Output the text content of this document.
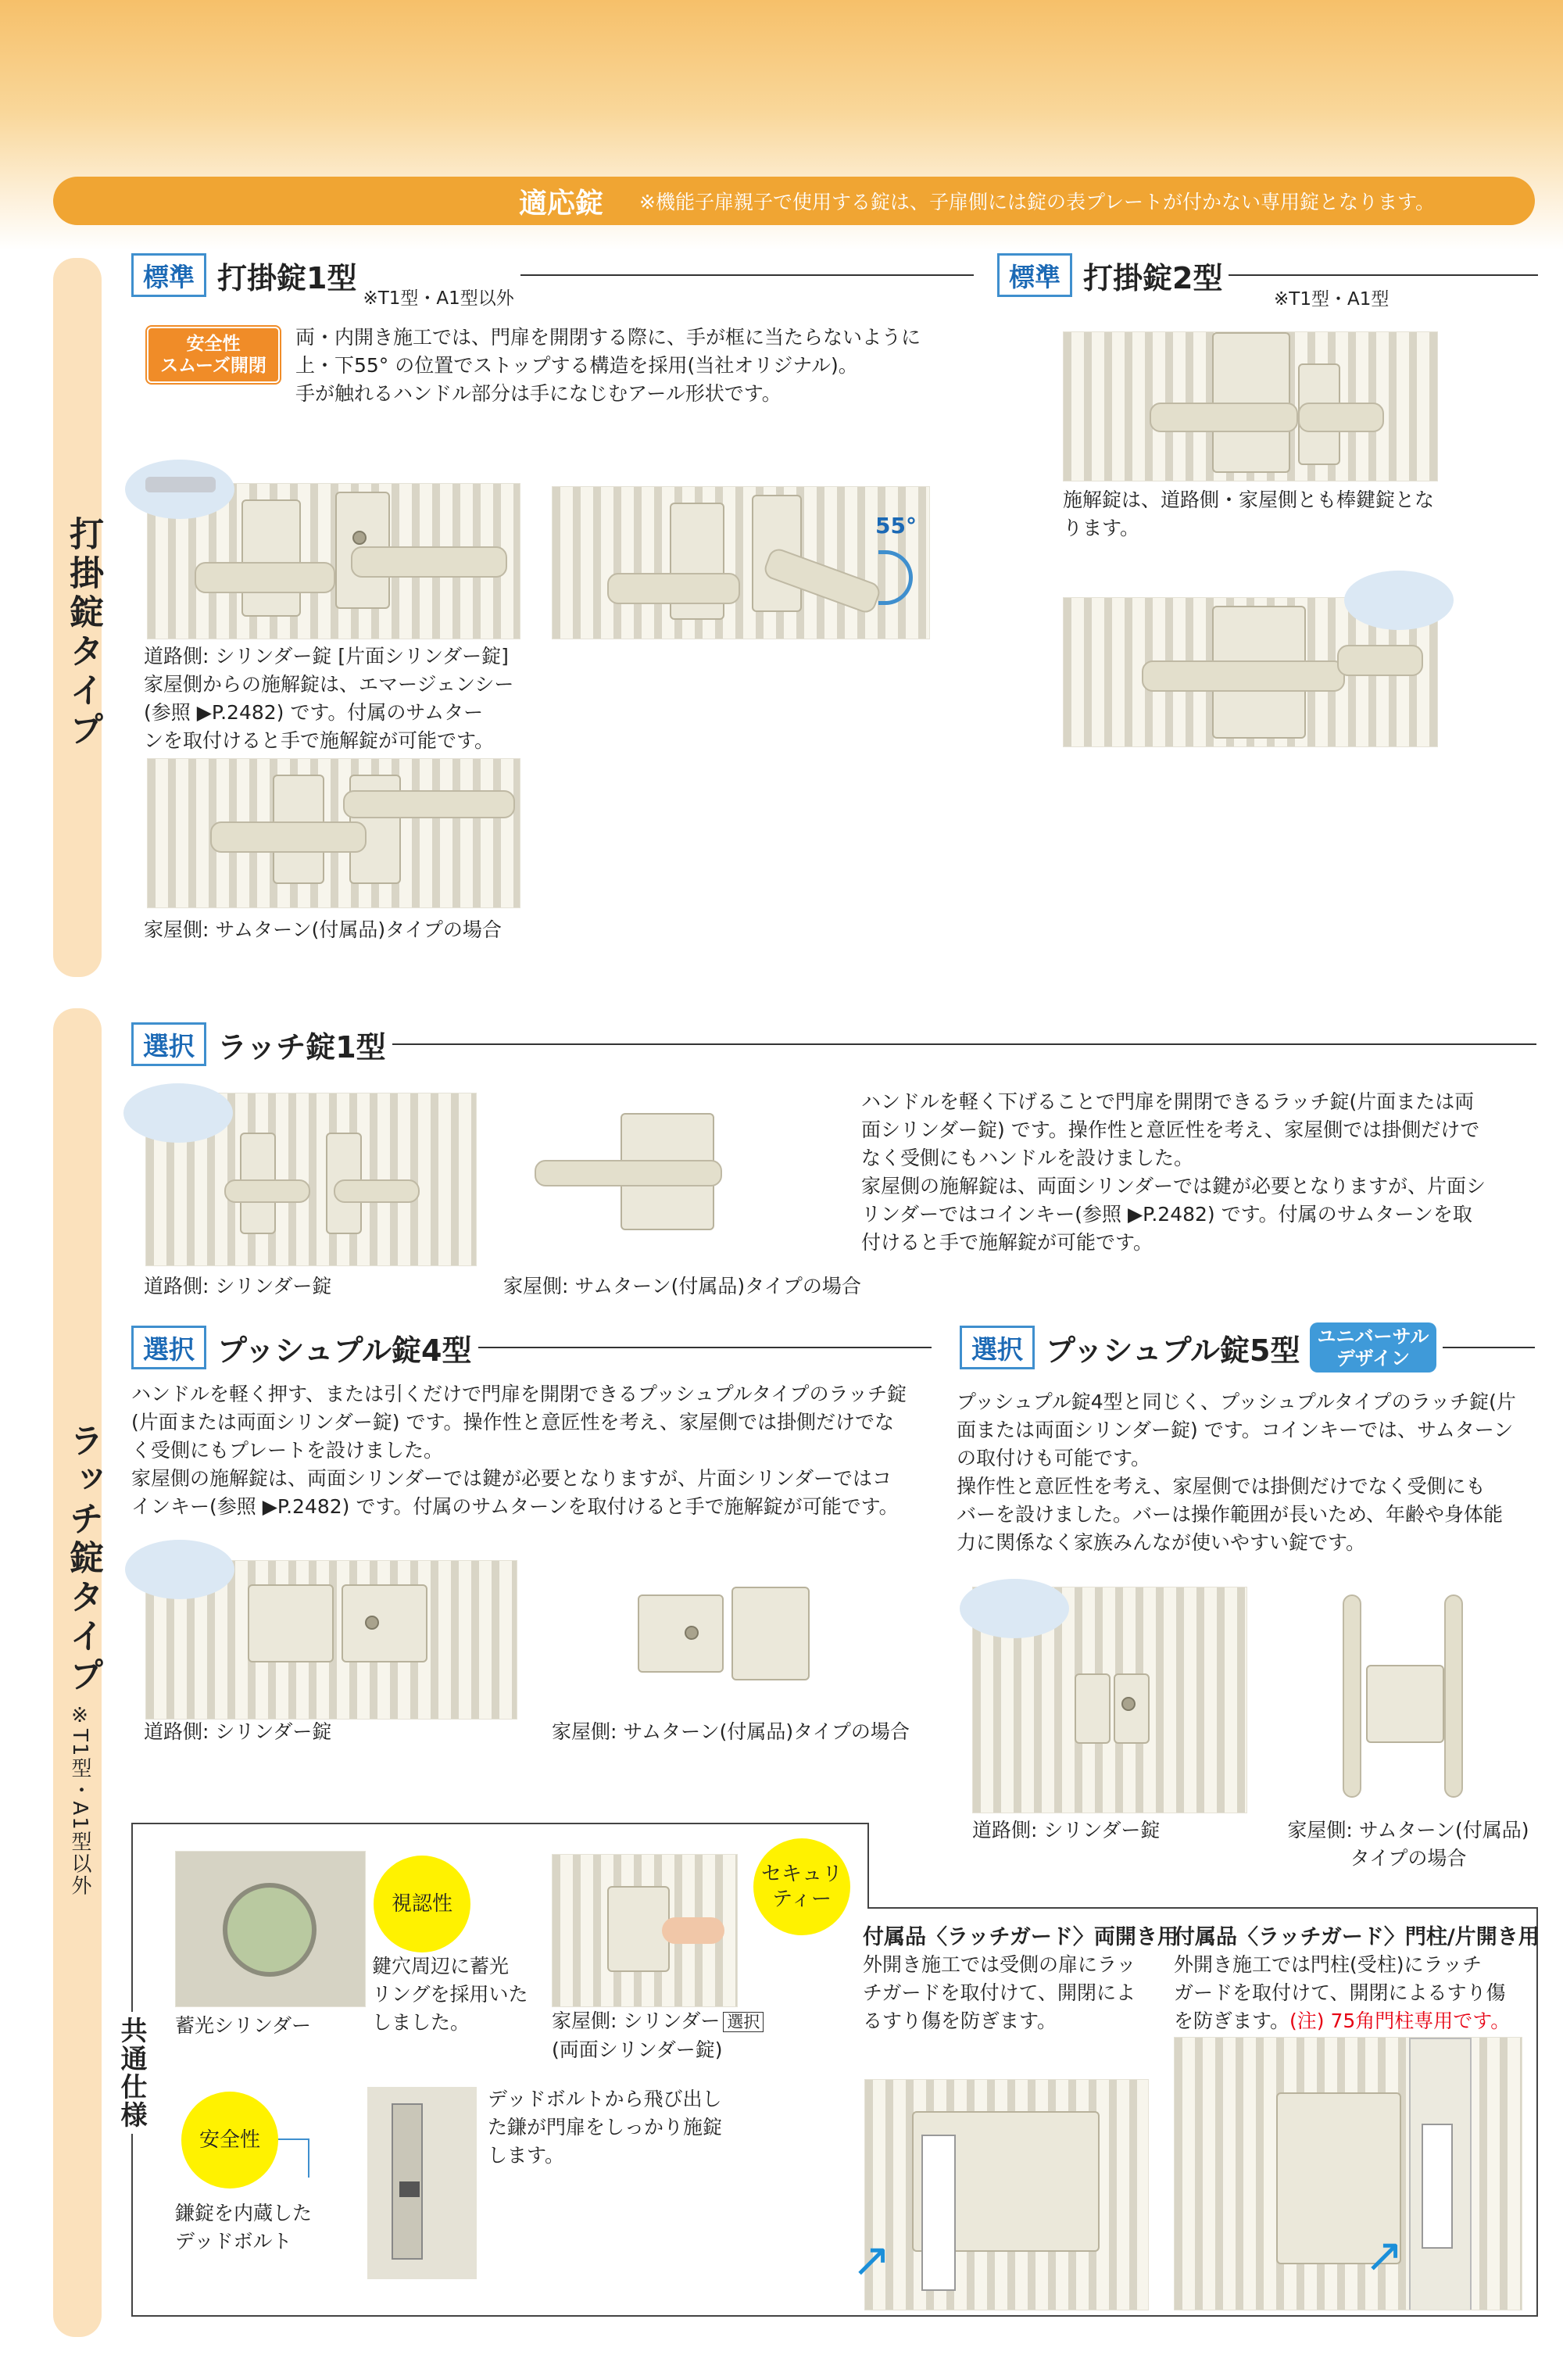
適応錠 ※機能子扉親子で使用する錠は、子扉側には錠の表プレートが付かない専用錠となります。
打掛錠タイプ
ラッチ錠タイプ
※T1型・A1型以外
標準 打掛錠1型
※T1型・A1型以外
安全性
スムーズ開閉
両・内開き施工では、門扉を開閉する際に、手が框に当たらないように
上・下55° の位置でストップする構造を採用(当社オリジナル)。
手が触れるハンドル部分は手になじむアール形状です。
55°
道路側: シリンダー錠 [片面シリンダー錠]
家屋側からの施解錠は、エマージェンシー
(参照 ▶P.2482) です。付属のサムター
ンを取付けると手で施解錠が可能です。
家屋側: サムターン(付属品)タイプの場合
標準 打掛錠2型
※T1型・A1型
施解錠は、道路側・家屋側とも棒鍵錠とな
ります。
選択 ラッチ錠1型
道路側: シリンダー錠	家屋側: サムターン(付属品)タイプの場合
ハンドルを軽く下げることで門扉を開閉できるラッチ錠(片面または両
面シリンダー錠) です。操作性と意匠性を考え、家屋側では掛側だけで
なく受側にもハンドルを設けました。
家屋側の施解錠は、両面シリンダーでは鍵が必要となりますが、片面シ
リンダーではコインキー(参照 ▶P.2482) です。付属のサムターンを取
付けると手で施解錠が可能です。
選択 プッシュプル錠4型
ハンドルを軽く押す、または引くだけで門扉を開閉できるプッシュプルタイプのラッチ錠
(片面または両面シリンダー錠) です。操作性と意匠性を考え、家屋側では掛側だけでな
く受側にもプレートを設けました。
家屋側の施解錠は、両面シリンダーでは鍵が必要となりますが、片面シリンダーではコ
インキー(参照 ▶P.2482) です。付属のサムターンを取付けると手で施解錠が可能です。
道路側: シリンダー錠	家屋側: サムターン(付属品)タイプの場合
選択 プッシュプル錠5型 ユニバーサル
デザイン
プッシュプル錠4型と同じく、プッシュプルタイプのラッチ錠(片
面または両面シリンダー錠) です。コインキーでは、サムターン
の取付けも可能です。
操作性と意匠性を考え、家屋側では掛側だけでなく受側にも
バーを設けました。バーは操作範囲が長いため、年齢や身体能
力に関係なく家族みんなが使いやすい錠です。
道路側: シリンダー錠	家屋側: サムターン(付属品)
タイプの場合
共通仕様
視認性
鍵穴周辺に蓄光
リングを採用いた
しました。
蓄光シリンダー
セキュリ
ティー
家屋側: シリンダー 選択
(両面シリンダー錠)
安全性
鎌錠を内蔵した
デッドボルト
デッドボルトから飛び出し
た鎌が門扉をしっかり施錠
します。
付属品〈ラッチガード〉両開き用
外開き施工では受側の扉にラッ
チガードを取付けて、開閉によ
るすり傷を防ぎます。
↗
付属品〈ラッチガード〉門柱/片開き用
外開き施工では門柱(受柱)にラッチ
ガードを取付けて、開閉によるすり傷
を防ぎます。(注) 75角門柱専用です。
↗
